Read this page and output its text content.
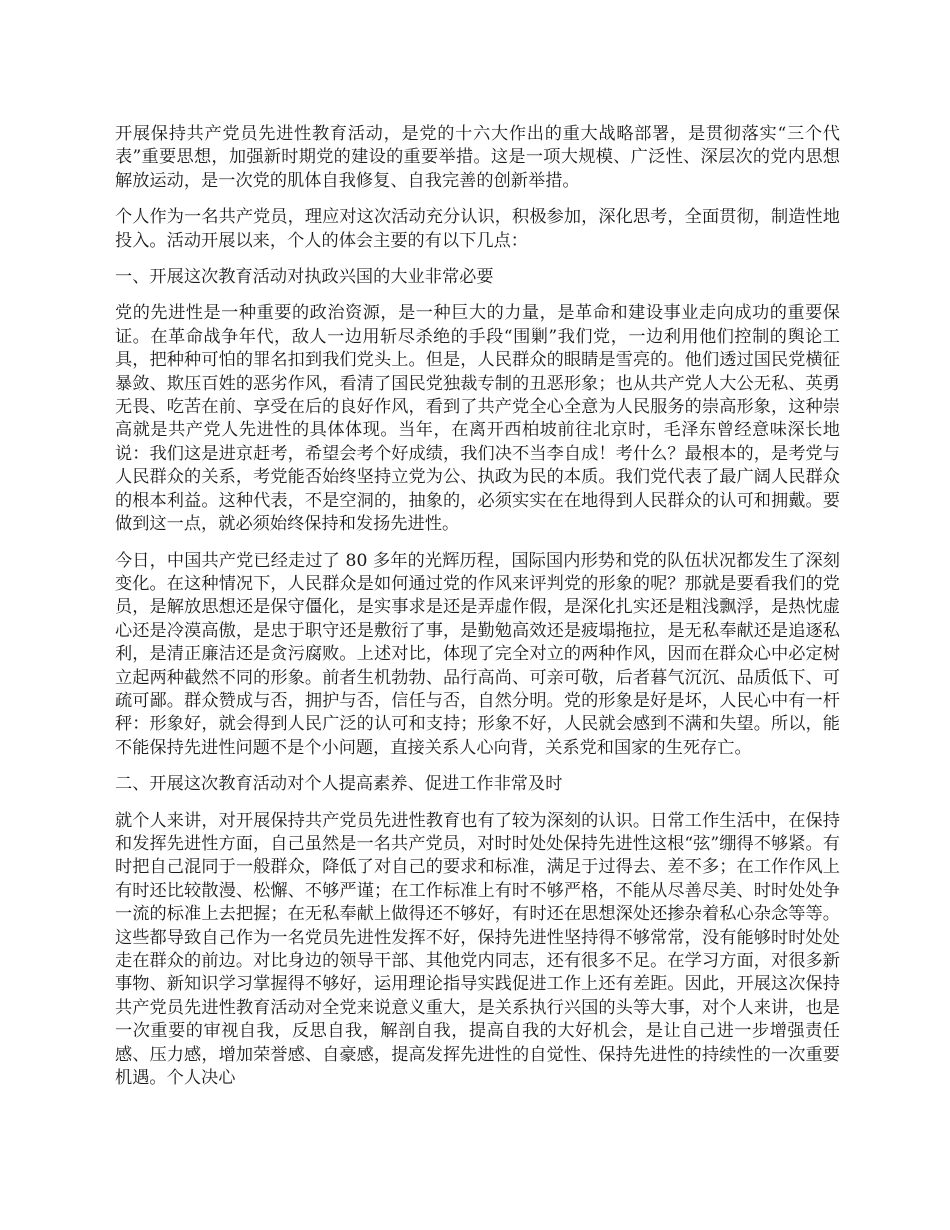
开展保持共产党员先进性教育活动，是党的十六大作出的重大战略部署，是贯彻落实“三个代表”重要思想，加强新时期党的建设的重要举措。这是一项大规模、广泛性、深层次的党内思想解放运动，是一次党的肌体自我修复、自我完善的创新举措。

个人作为一名共产党员，理应对这次活动充分认识，积极参加，深化思考，全面贯彻，制造性地投入。活动开展以来，个人的体会主要的有以下几点：

一、开展这次教育活动对执政兴国的大业非常必要

党的先进性是一种重要的政治资源，是一种巨大的力量，是革命和建设事业走向成功的重要保证。在革命战争年代，敌人一边用斩尽杀绝的手段“围剿”我们党，一边利用他们控制的舆论工具，把种种可怕的罪名扣到我们党头上。但是，人民群众的眼睛是雪亮的。他们透过国民党横征暴敛、欺压百姓的恶劣作风，看清了国民党独裁专制的丑恶形象；也从共产党人大公无私、英勇无畏、吃苦在前、享受在后的良好作风，看到了共产党全心全意为人民服务的崇高形象，这种崇高就是共产党人先进性的具体体现。当年，在离开西柏坡前往北京时，毛泽东曾经意味深长地说：我们这是进京赶考，希望会考个好成绩，我们决不当李自成！考什么？最根本的，是考党与人民群众的关系，考党能否始终坚持立党为公、执政为民的本质。我们党代表了最广阔人民群众的根本利益。这种代表，不是空洞的，抽象的，必须实实在在地得到人民群众的认可和拥戴。要做到这一点，就必须始终保持和发扬先进性。

今日，中国共产党已经走过了 80 多年的光辉历程，国际国内形势和党的队伍状况都发生了深刻变化。在这种情况下，人民群众是如何通过党的作风来评判党的形象的呢？那就是要看我们的党员，是解放思想还是保守僵化，是实事求是还是弄虚作假，是深化扎实还是粗浅飘浮，是热忱虚心还是冷漠高傲，是忠于职守还是敷衍了事，是勤勉高效还是疲塌拖拉，是无私奉献还是追逐私利，是清正廉洁还是贪污腐败。上述对比，体现了完全对立的两种作风，因而在群众心中必定树立起两种截然不同的形象。前者生机勃勃、品行高尚、可亲可敬，后者暮气沉沉、品质低下、可疏可鄙。群众赞成与否，拥护与否，信任与否，自然分明。党的形象是好是坏，人民心中有一杆秤：形象好，就会得到人民广泛的认可和支持；形象不好，人民就会感到不满和失望。所以，能不能保持先进性问题不是个小问题，直接关系人心向背，关系党和国家的生死存亡。

二、开展这次教育活动对个人提高素养、促进工作非常及时

就个人来讲，对开展保持共产党员先进性教育也有了较为深刻的认识。日常工作生活中，在保持和发挥先进性方面，自己虽然是一名共产党员，对时时处处保持先进性这根“弦”绷得不够紧。有时把自己混同于一般群众，降低了对自己的要求和标准，满足于过得去、差不多；在工作作风上有时还比较散漫、松懈、不够严谨；在工作标准上有时不够严格，不能从尽善尽美、时时处处争一流的标准上去把握；在无私奉献上做得还不够好，有时还在思想深处还掺杂着私心杂念等等。这些都导致自己作为一名党员先进性发挥不好，保持先进性坚持得不够常常，没有能够时时处处走在群众的前边。对比身边的领导干部、其他党内同志，还有很多不足。在学习方面，对很多新事物、新知识学习掌握得不够好，运用理论指导实践促进工作上还有差距。因此，开展这次保持共产党员先进性教育活动对全党来说意义重大，是关系执行兴国的头等大事，对个人来讲，也是一次重要的审视自我，反思自我，解剖自我，提高自我的大好机会，是让自己进一步增强责任感、压力感，增加荣誉感、自豪感，提高发挥先进性的自觉性、保持先进性的持续性的一次重要机遇。个人决心
